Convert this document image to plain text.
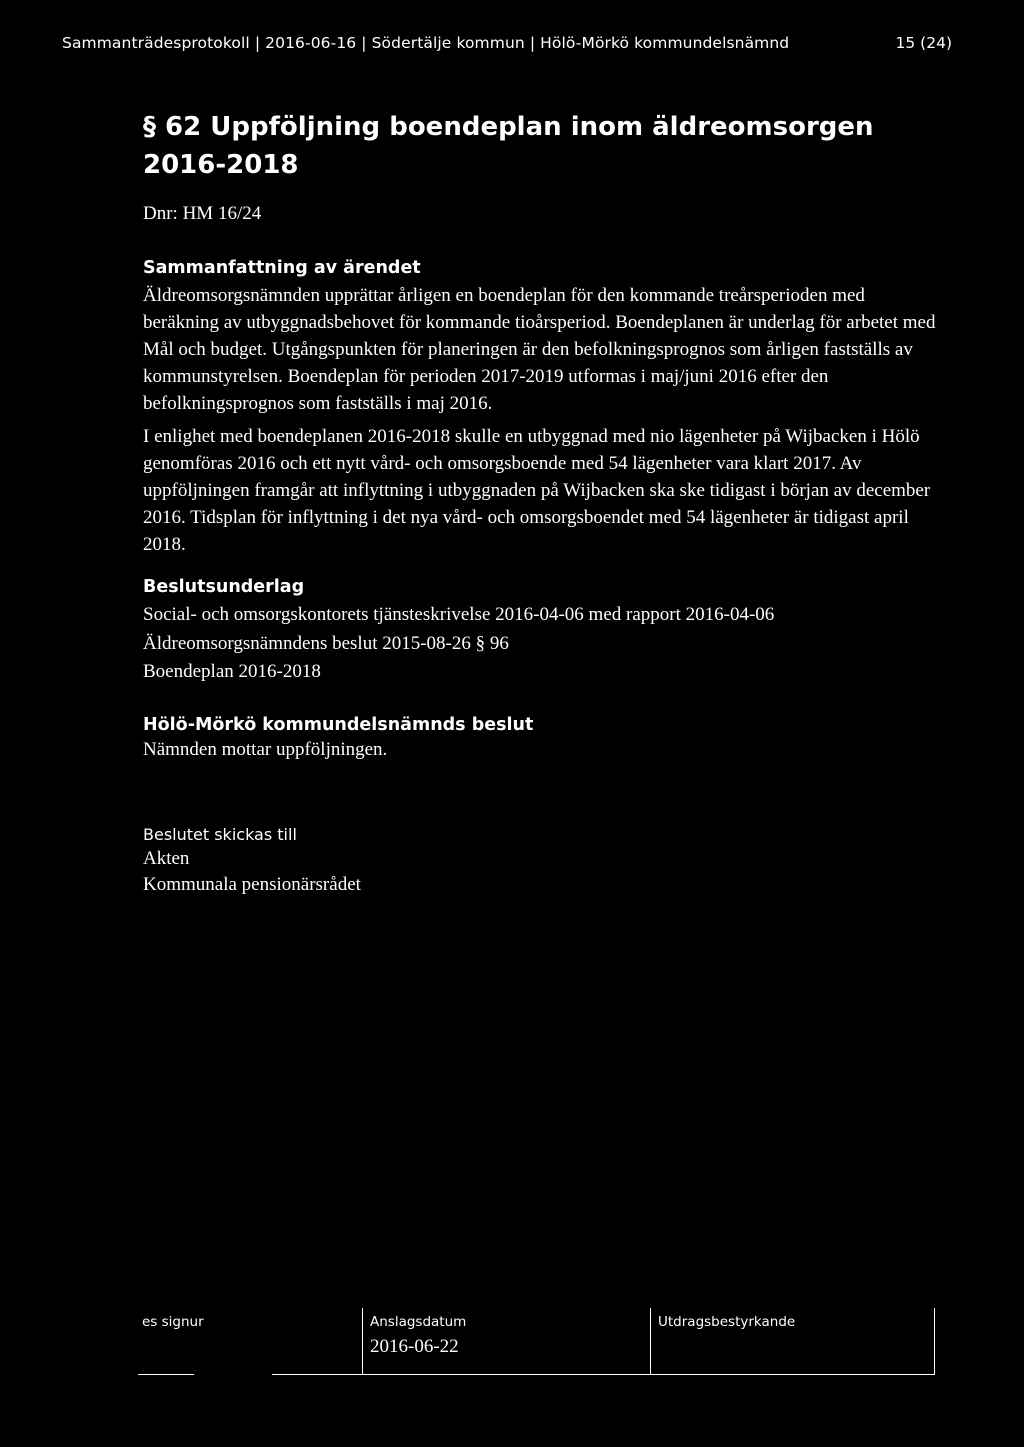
Sammanträdesprotokoll | 2016-06-16 | Södertälje kommun | Hölö-Mörkö kommundelsnämnd	15 (24)
§ 62 Uppföljning boendeplan inom äldreomsorgen 2016-2018
Dnr: HM 16/24
Sammanfattning av ärendet
Äldreomsorgsnämnden upprättar årligen en boendeplan för den kommande treårsperioden med beräkning av utbyggnadsbehovet för kommande tioårsperiod. Boendeplanen är underlag för arbetet med Mål och budget. Utgångspunkten för planeringen är den befolkningsprognos som årligen fastställs av kommunstyrelsen. Boendeplan för perioden 2017-2019 utformas i maj/juni 2016 efter den befolkningsprognos som fastställs i maj 2016.
I enlighet med boendeplanen 2016-2018 skulle en utbyggnad med nio lägenheter på Wijbacken i Hölö genomföras 2016 och ett nytt vård- och omsorgsboende med 54 lägenheter vara klart 2017. Av uppföljningen framgår att inflyttning i utbyggnaden på Wijbacken ska ske tidigast i början av december 2016. Tidsplan för inflyttning i det nya vård- och omsorgsboendet med 54 lägenheter är tidigast april 2018.
Beslutsunderlag
Social- och omsorgskontorets tjänsteskrivelse 2016-04-06 med rapport 2016-04-06
Äldreomsorgsnämndens beslut 2015-08-26 § 96
Boendeplan 2016-2018
Hölö-Mörkö kommundelsnämnds beslut
Nämnden mottar uppföljningen.
Beslutet skickas till
Akten
Kommunala pensionärsrådet
es signur	Anslagsdatum
2016-06-22
Utdragsbestyrkande
